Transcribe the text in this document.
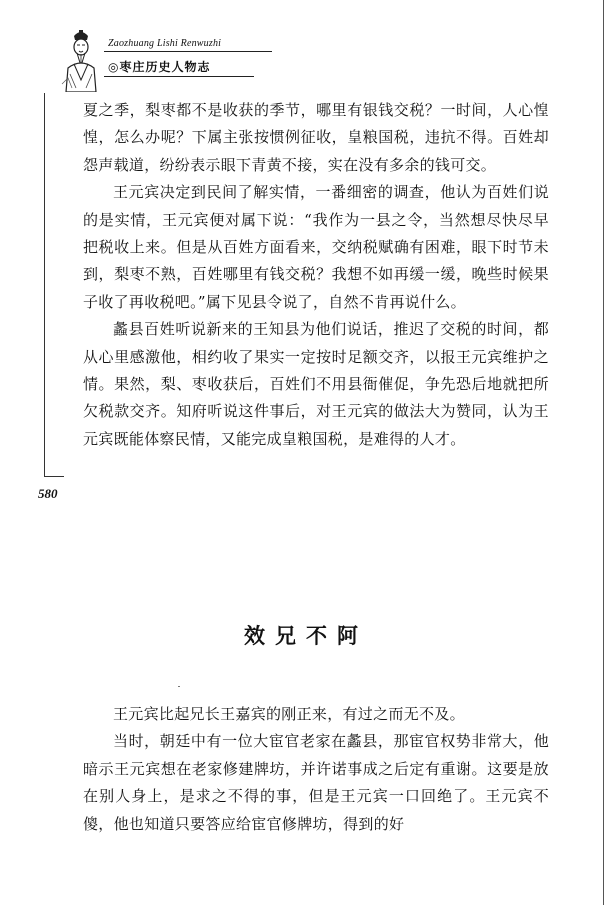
Zaozhuang Lishi Renwuzhi
◎枣庄历史人物志
580

夏之季，梨枣都不是收获的季节，哪里有银钱交税？一时间，人心惶惶，怎么办呢？下属主张按惯例征收，皇粮国税，违抗不得。百姓却怨声载道，纷纷表示眼下青黄不接，实在没有多余的钱可交。

王元宾决定到民间了解实情，一番细密的调查，他认为百姓们说的是实情，王元宾便对属下说：“我作为一县之令，当然想尽快尽早把税收上来。但是从百姓方面看来，交纳税赋确有困难，眼下时节未到，梨枣不熟，百姓哪里有钱交税？我想不如再缓一缓，晚些时候果子收了再收税吧。”属下见县令说了，自然不肯再说什么。

蠡县百姓听说新来的王知县为他们说话，推迟了交税的时间，都从心里感激他，相约收了果实一定按时足额交齐，以报王元宾维护之情。果然，梨、枣收获后，百姓们不用县衙催促，争先恐后地就把所欠税款交齐。知府听说这件事后，对王元宾的做法大为赞同，认为王元宾既能体察民情，又能完成皇粮国税，是难得的人才。

效兄不阿

王元宾比起兄长王嘉宾的刚正来，有过之而无不及。

当时，朝廷中有一位大宦官老家在蠡县，那宦官权势非常大，他暗示王元宾想在老家修建牌坊，并许诺事成之后定有重谢。这要是放在别人身上，是求之不得的事，但是王元宾一口回绝了。王元宾不傻，他也知道只要答应给宦官修牌坊，得到的好
